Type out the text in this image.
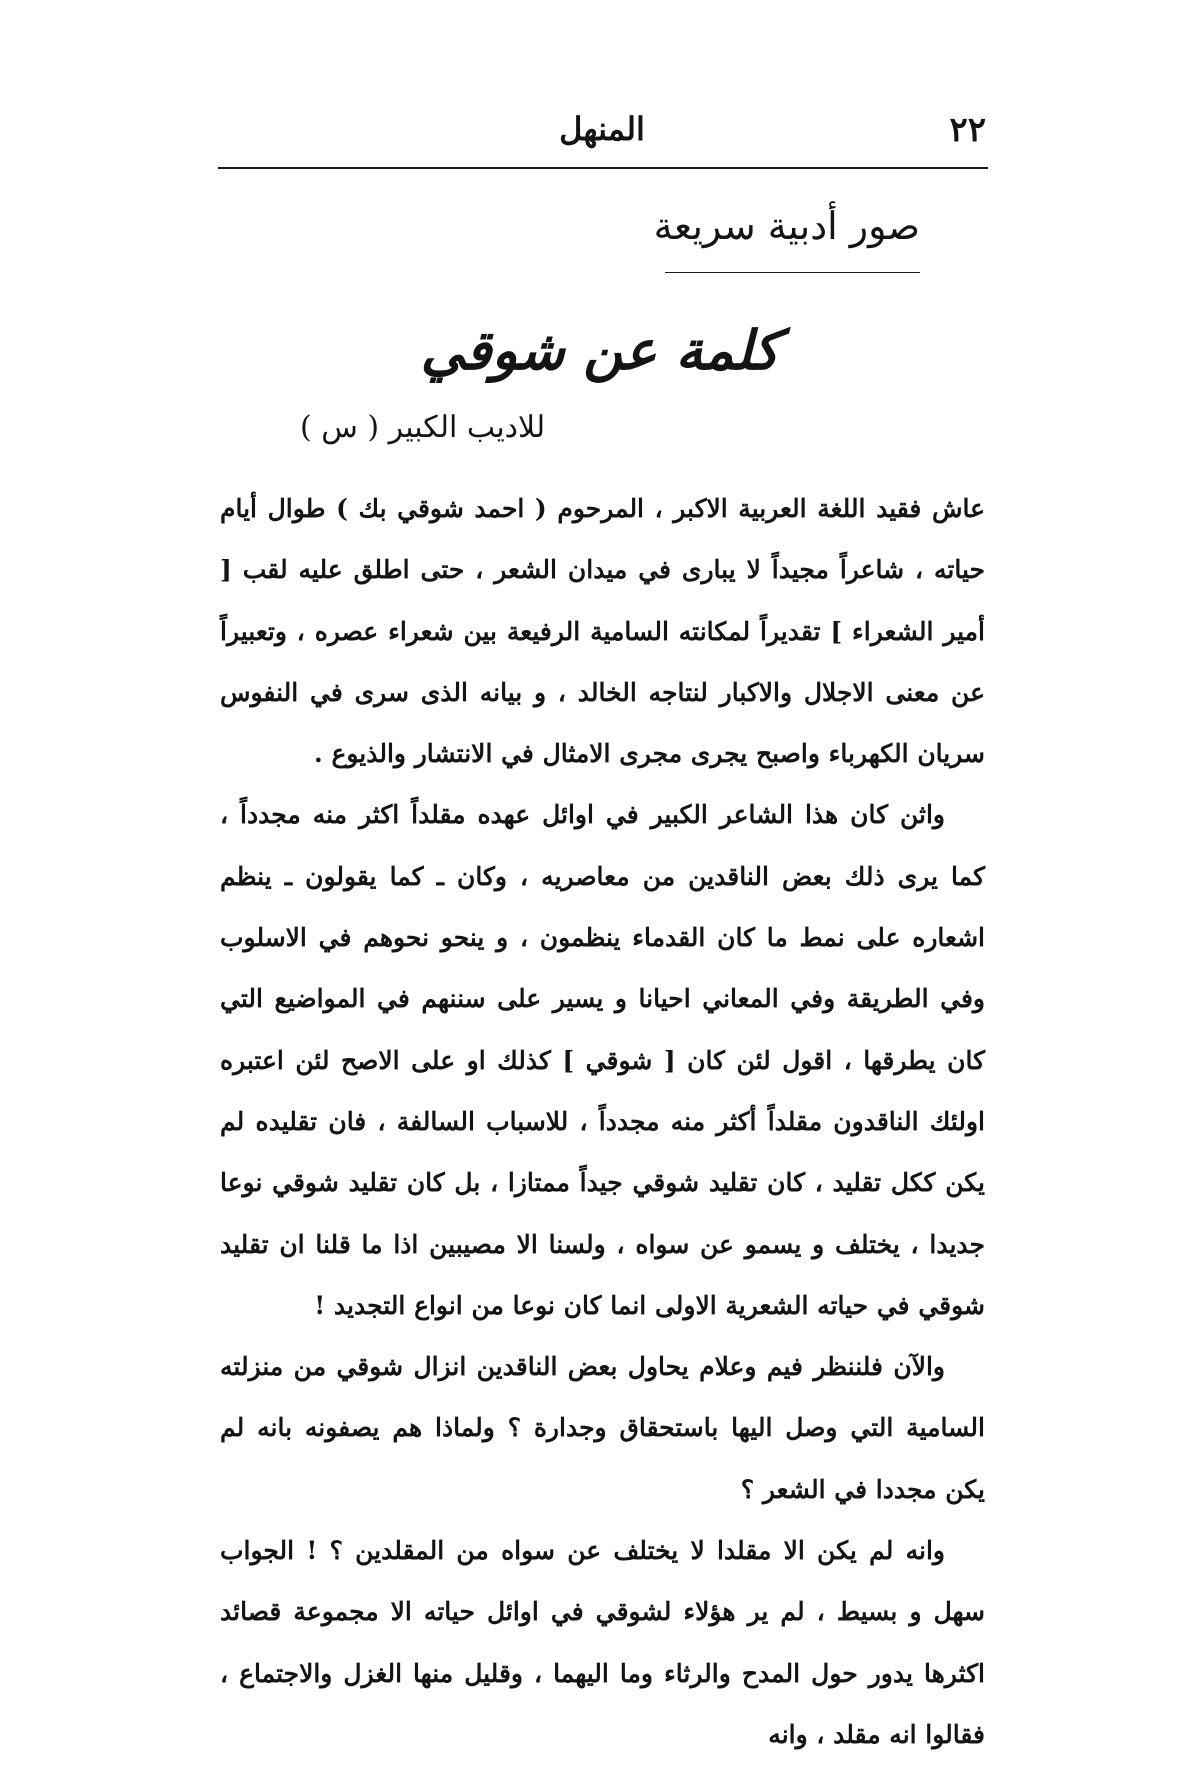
٢٢
المنهل
صور أدبية سريعة
كلمة عن شوقي
للاديب الكبير ( س )

عاش فقيد اللغة العربية الاكبر ، المرحوم ( احمد شوقي بك ) طوال أيام حياته ، شاعراً مجيداً لا يبارى في ميدان الشعر ، حتى اطلق عليه لقب [ أمير الشعراء ] تقديراً لمكانته السامية الرفيعة بين شعراء عصره ، وتعبيراً عن معنى الاجلال والاكبار لنتاجه الخالد ، و بيانه الذى سرى في النفوس سريان الكهرباء واصبح يجرى مجرى الامثال في الانتشار والذيوع .

واثن كان هذا الشاعر الكبير في اوائل عهده مقلداً اكثر منه مجدداً ، كما يرى ذلك بعض الناقدين من معاصريه ، وكان ـ كما يقولون ـ ينظم اشعاره على نمط ما كان القدماء ينظمون ، و ينحو نحوهم في الاسلوب وفي الطريقة وفي المعاني احيانا و يسير على سننهم في المواضيع التي كان يطرقها ، اقول لئن كان [ شوقي ] كذلك او على الاصح لئن اعتبره اولئك الناقدون مقلداً أكثر منه مجدداً ، للاسباب السالفة ، فان تقليده لم يكن ككل تقليد ، كان تقليد شوقي جيداً ممتازا ، بل كان تقليد شوقي نوعا جديدا ، يختلف و يسمو عن سواه ، ولسنا الا مصيبين اذا ما قلنا ان تقليد شوقي في حياته الشعرية الاولى انما كان نوعا من انواع التجديد !

والآن فلننظر فيم وعلام يحاول بعض الناقدين انزال شوقي من منزلته السامية التي وصل اليها باستحقاق وجدارة ؟ ولماذا هم يصفونه بانه لم يكن مجددا في الشعر ؟

وانه لم يكن الا مقلدا لا يختلف عن سواه من المقلدين ؟ ! الجواب سهل و بسيط ، لم ير هؤلاء لشوقي في اوائل حياته الا مجموعة قصائد اكثرها يدور حول المدح والرثاء وما اليهما ، وقليل منها الغزل والاجتماع ، فقالوا انه مقلد ، وانه
